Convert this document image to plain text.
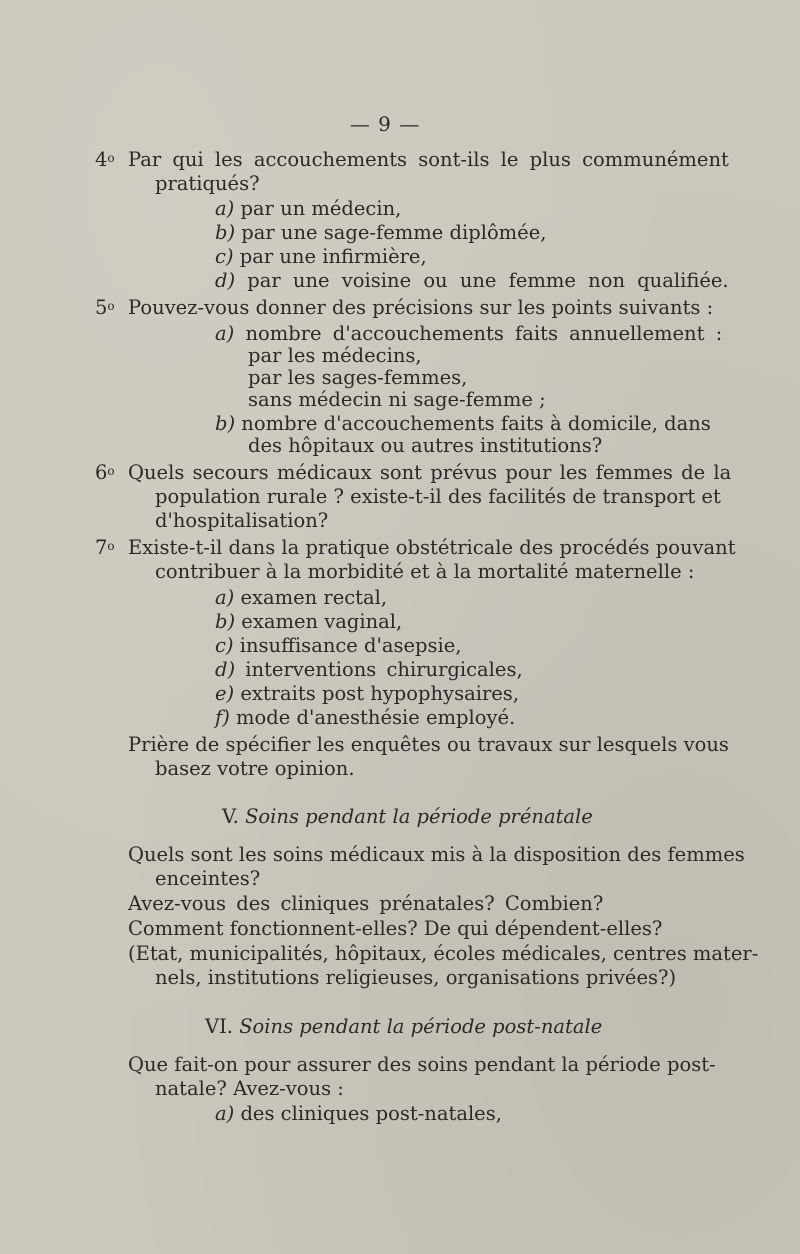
— 9 —
4$^o$ Par qui les accouchements sont-ils le plus communément
pratiqués?
a) par un médecin,
b) par une sage-femme diplômée,
c) par une infirmière,
d) par une voisine ou une femme non qualifiée.
5$^o$ Pouvez-vous donner des précisions sur les points suivants :
a) nombre d'accouchements faits annuellement :
par les médecins,
par les sages-femmes,
sans médecin ni sage-femme ;
b) nombre d'accouchements faits à domicile, dans
des hôpitaux ou autres institutions?
6$^o$ Quels secours médicaux sont prévus pour les femmes de la
population rurale ? existe-t-il des facilités de transport et
d'hospitalisation?
7$^o$ Existe-t-il dans la pratique obstétricale des procédés pouvant
contribuer à la morbidité et à la mortalité maternelle :
a) examen rectal,
b) examen vaginal,
c) insuffisance d'asepsie,
d) interventions chirurgicales,
e) extraits post hypophysaires,
f) mode d'anesthésie employé.
Prière de spécifier les enquêtes ou travaux sur lesquels vous
basez votre opinion.
V. Soins pendant la période prénatale
Quels sont les soins médicaux mis à la disposition des femmes
enceintes?
Avez-vous des cliniques prénatales? Combien?
Comment fonctionnent-elles? De qui dépendent-elles?
(Etat, municipalités, hôpitaux, écoles médicales, centres mater-
nels, institutions religieuses, organisations privées?)
VI. Soins pendant la période post-natale
Que fait-on pour assurer des soins pendant la période post-
natale? Avez-vous :
a) des cliniques post-natales,
